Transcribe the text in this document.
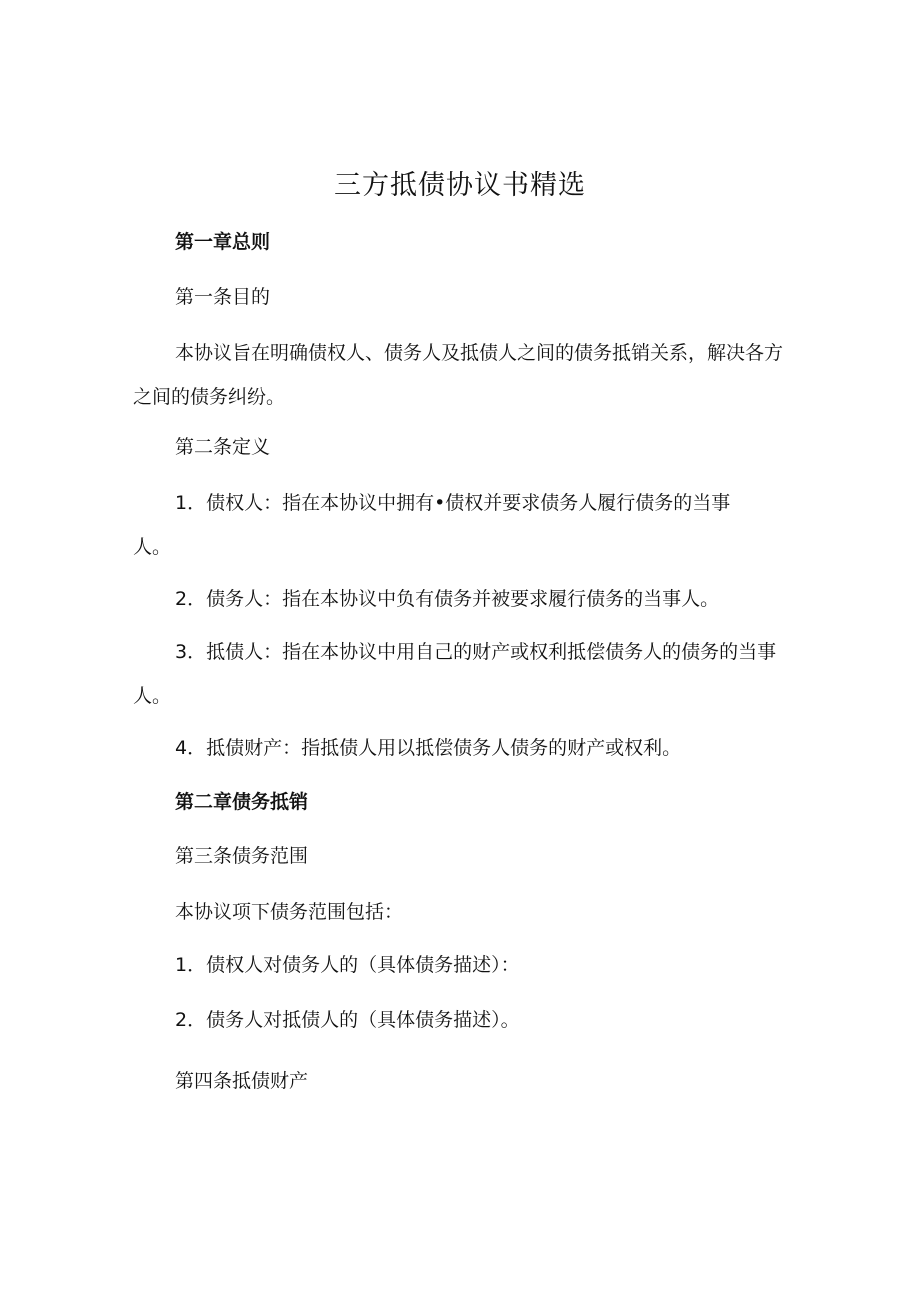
三方抵债协议书精选
第一章总则
第一条目的
本协议旨在明确债权人、债务人及抵债人之间的债务抵销关系，解决各方之间的债务纠纷。
第二条定义
1．债权人：指在本协议中拥有•债权并要求债务人履行债务的当事人。
2．债务人：指在本协议中负有债务并被要求履行债务的当事人。
3．抵债人：指在本协议中用自己的财产或权利抵偿债务人的债务的当事人。
4．抵债财产：指抵债人用以抵偿债务人债务的财产或权利。
第二章债务抵销
第三条债务范围
本协议项下债务范围包括：
1．债权人对债务人的（具体债务描述）：
2．债务人对抵债人的（具体债务描述）。
第四条抵债财产
